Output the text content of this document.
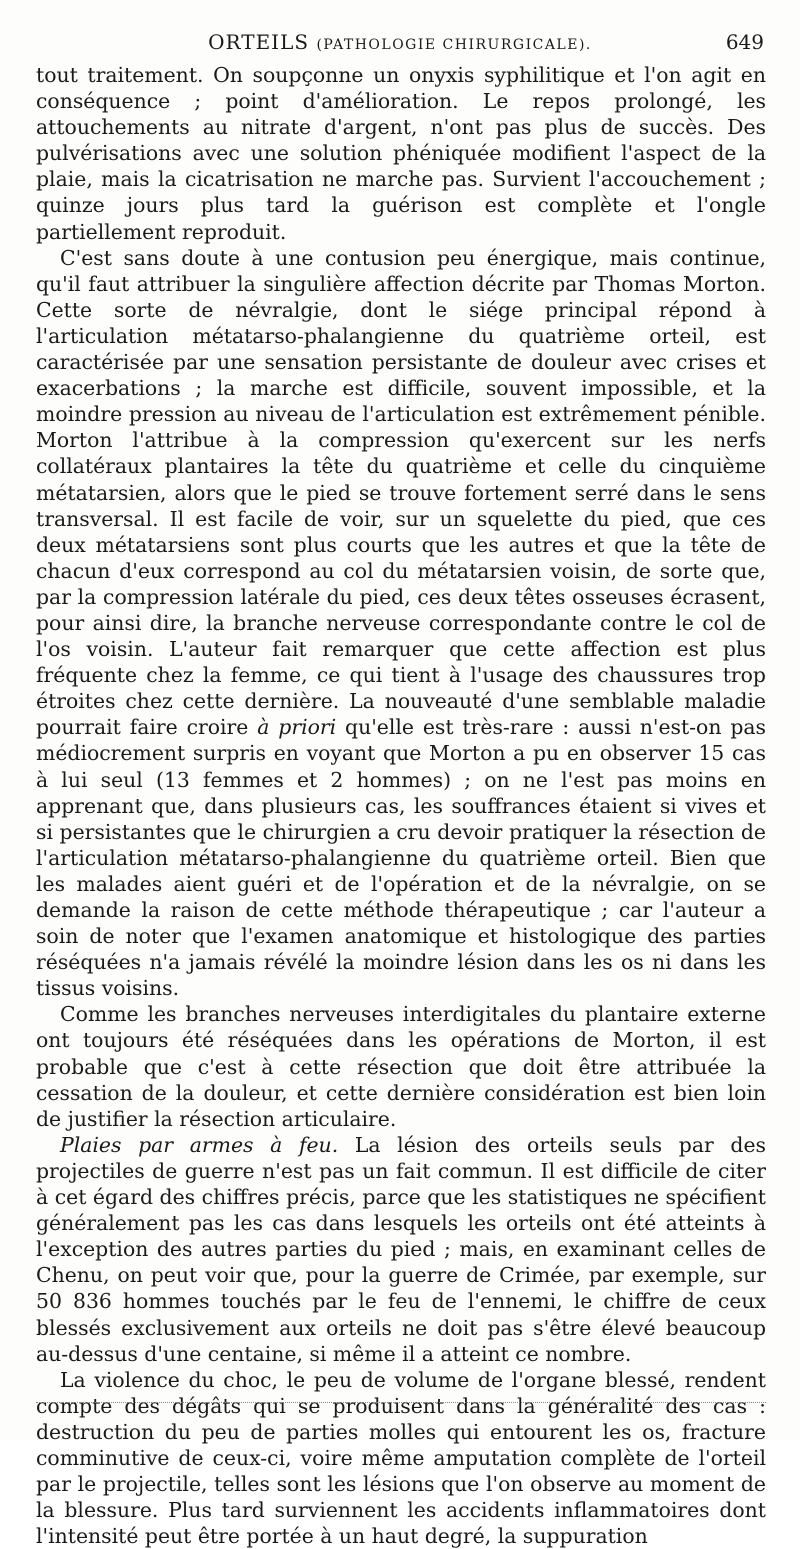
ORTEILS (PATHOLOGIE CHIRURGICALE).	649

tout traitement. On soupçonne un onyxis syphilitique et l'on agit en conséquence ; point d'amélioration. Le repos prolongé, les attouchements au nitrate d'argent, n'ont pas plus de succès. Des pulvérisations avec une solution phéniquée modifient l'aspect de la plaie, mais la cicatrisation ne marche pas. Survient l'accouchement ; quinze jours plus tard la guérison est complète et l'ongle partiellement reproduit.

C'est sans doute à une contusion peu énergique, mais continue, qu'il faut attribuer la singulière affection décrite par Thomas Morton. Cette sorte de névralgie, dont le siége principal répond à l'articulation métatarso-phalangienne du quatrième orteil, est caractérisée par une sensation persistante de douleur avec crises et exacerbations ; la marche est difficile, souvent impossible, et la moindre pression au niveau de l'articulation est extrêmement pénible. Morton l'attribue à la compression qu'exercent sur les nerfs collatéraux plantaires la tête du quatrième et celle du cinquième métatarsien, alors que le pied se trouve fortement serré dans le sens transversal. Il est facile de voir, sur un squelette du pied, que ces deux métatarsiens sont plus courts que les autres et que la tête de chacun d'eux correspond au col du métatarsien voisin, de sorte que, par la compression latérale du pied, ces deux têtes osseuses écrasent, pour ainsi dire, la branche nerveuse correspondante contre le col de l'os voisin. L'auteur fait remarquer que cette affection est plus fréquente chez la femme, ce qui tient à l'usage des chaussures trop étroites chez cette dernière. La nouveauté d'une semblable maladie pourrait faire croire à priori qu'elle est très-rare : aussi n'est-on pas médiocrement surpris en voyant que Morton a pu en observer 15 cas à lui seul (13 femmes et 2 hommes) ; on ne l'est pas moins en apprenant que, dans plusieurs cas, les souffrances étaient si vives et si persistantes que le chirurgien a cru devoir pratiquer la résection de l'articulation métatarso-phalangienne du quatrième orteil. Bien que les malades aient guéri et de l'opération et de la névralgie, on se demande la raison de cette méthode thérapeutique ; car l'auteur a soin de noter que l'examen anatomique et histologique des parties réséquées n'a jamais révélé la moindre lésion dans les os ni dans les tissus voisins.

Comme les branches nerveuses interdigitales du plantaire externe ont toujours été réséquées dans les opérations de Morton, il est probable que c'est à cette résection que doit être attribuée la cessation de la douleur, et cette dernière considération est bien loin de justifier la résection articulaire.

Plaies par armes à feu. La lésion des orteils seuls par des projectiles de guerre n'est pas un fait commun. Il est difficile de citer à cet égard des chiffres précis, parce que les statistiques ne spécifient généralement pas les cas dans lesquels les orteils ont été atteints à l'exception des autres parties du pied ; mais, en examinant celles de Chenu, on peut voir que, pour la guerre de Crimée, par exemple, sur 50 836 hommes touchés par le feu de l'ennemi, le chiffre de ceux blessés exclusivement aux orteils ne doit pas s'être élevé beaucoup au-dessus d'une centaine, si même il a atteint ce nombre.

La violence du choc, le peu de volume de l'organe blessé, rendent compte des dégâts qui se produisent dans la généralité des cas : destruction du peu de parties molles qui entourent les os, fracture comminutive de ceux-ci, voire même amputation complète de l'orteil par le projectile, telles sont les lésions que l'on observe au moment de la blessure. Plus tard surviennent les accidents inflammatoires dont l'intensité peut être portée à un haut degré, la suppuration
